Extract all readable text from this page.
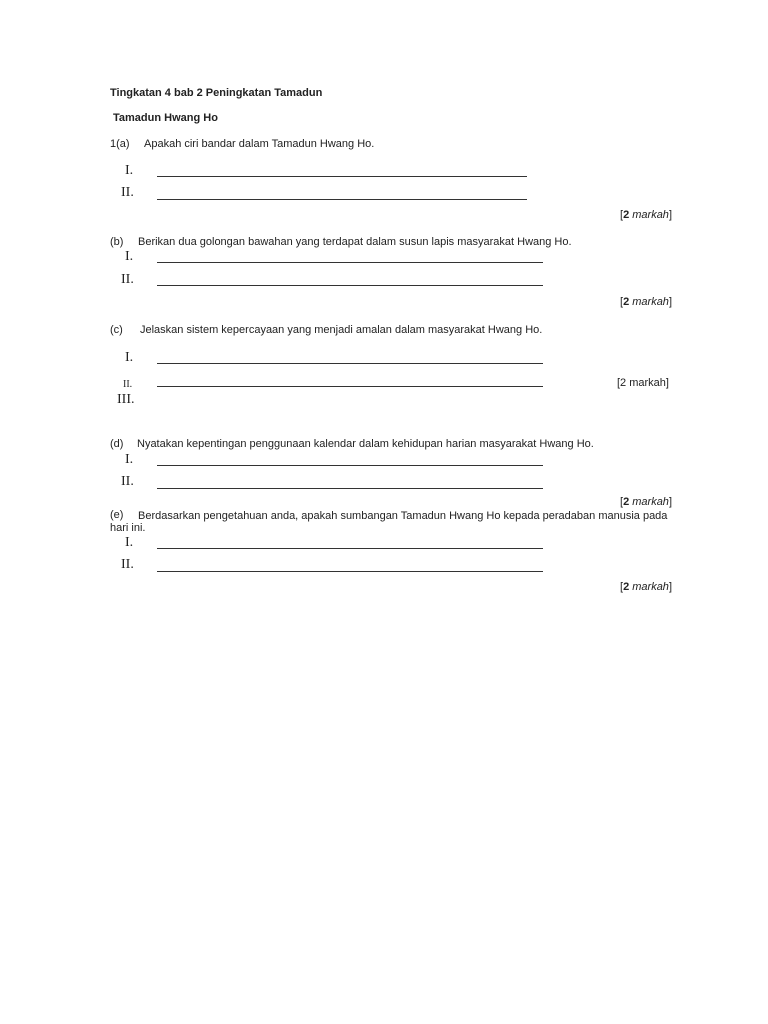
Tingkatan 4 bab 2 Peningkatan Tamadun
Tamadun Hwang Ho
1(a) Apakah ciri bandar dalam Tamadun Hwang Ho.
I.
II.
[2 markah]
(b) Berikan dua golongan bawahan yang terdapat dalam susun lapis masyarakat Hwang Ho.
I.
II.
[2 markah]
(c) Jelaskan sistem kepercayaan yang menjadi amalan dalam masyarakat Hwang Ho.
I.
II.	[2 markah]
III.
(d) Nyatakan kepentingan penggunaan kalendar dalam kehidupan harian masyarakat Hwang Ho.
I.
II.
[2 markah]
(e)	Berdasarkan pengetahuan anda, apakah sumbangan Tamadun Hwang Ho kepada peradaban manusia pada hari ini.
I.
II.
[2 markah]
